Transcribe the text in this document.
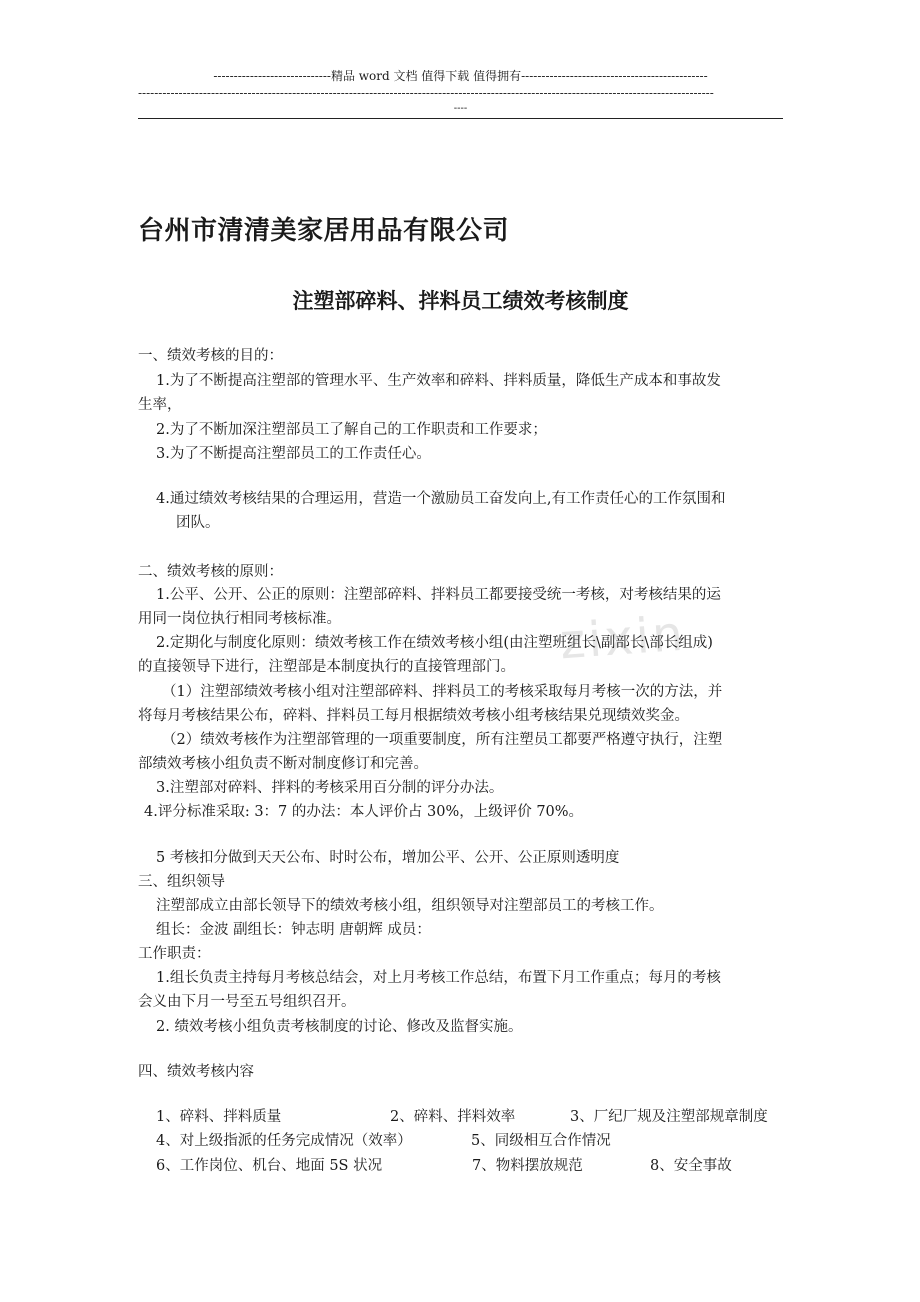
-----------------------------精品 word 文档 值得下载 值得拥有----------------------------------------------
----------------------------------------------------------------------------------------------------------------------------------------------
----
zixin
台州市清清美家居用品有限公司
注塑部碎料、拌料员工绩效考核制度
一、绩效考核的目的：
1.为了不断提高注塑部的管理水平、生产效率和碎料、拌料质量，降低生产成本和事故发
生率，
2.为了不断加深注塑部员工了解自己的工作职责和工作要求；
3.为了不断提高注塑部员工的工作责任心。
4.通过绩效考核结果的合理运用，营造一个激励员工奋发向上,有工作责任心的工作氛围和
团队。
二、绩效考核的原则：
1.公平、公开、公正的原则：注塑部碎料、拌料员工都要接受统一考核，对考核结果的运
用同一岗位执行相同考核标准。
2.定期化与制度化原则：绩效考核工作在绩效考核小组(由注塑班组长\副部长\部长组成)
的直接领导下进行，注塑部是本制度执行的直接管理部门。
（1）注塑部绩效考核小组对注塑部碎料、拌料员工的考核采取每月考核一次的方法，并
将每月考核结果公布，碎料、拌料员工每月根据绩效考核小组考核结果兑现绩效奖金。
（2）绩效考核作为注塑部管理的一项重要制度，所有注塑员工都要严格遵守执行，注塑
部绩效考核小组负责不断对制度修订和完善。
3.注塑部对碎料、拌料的考核采用百分制的评分办法。
4.评分标准采取: 3：7 的办法：本人评价占 30%，上级评价 70%。
5 考核扣分做到天天公布、时时公布，增加公平、公开、公正原则透明度
三、组织领导
注塑部成立由部长领导下的绩效考核小组，组织领导对注塑部员工的考核工作。
组长：金波 副组长：钟志明 唐朝辉 成员：
工作职责：
1.组长负责主持每月考核总结会，对上月考核工作总结，布置下月工作重点；每月的考核
会义由下月一号至五号组织召开。
2. 绩效考核小组负责考核制度的讨论、修改及监督实施。
四、绩效考核内容
1、碎料、拌料质量	2、碎料、拌料效率	3、厂纪厂规及注塑部规章制度
4、对上级指派的任务完成情况（效率）	5、同级相互合作情况
6、工作岗位、机台、地面 5S 状况	7、物料摆放规范	8、安全事故
